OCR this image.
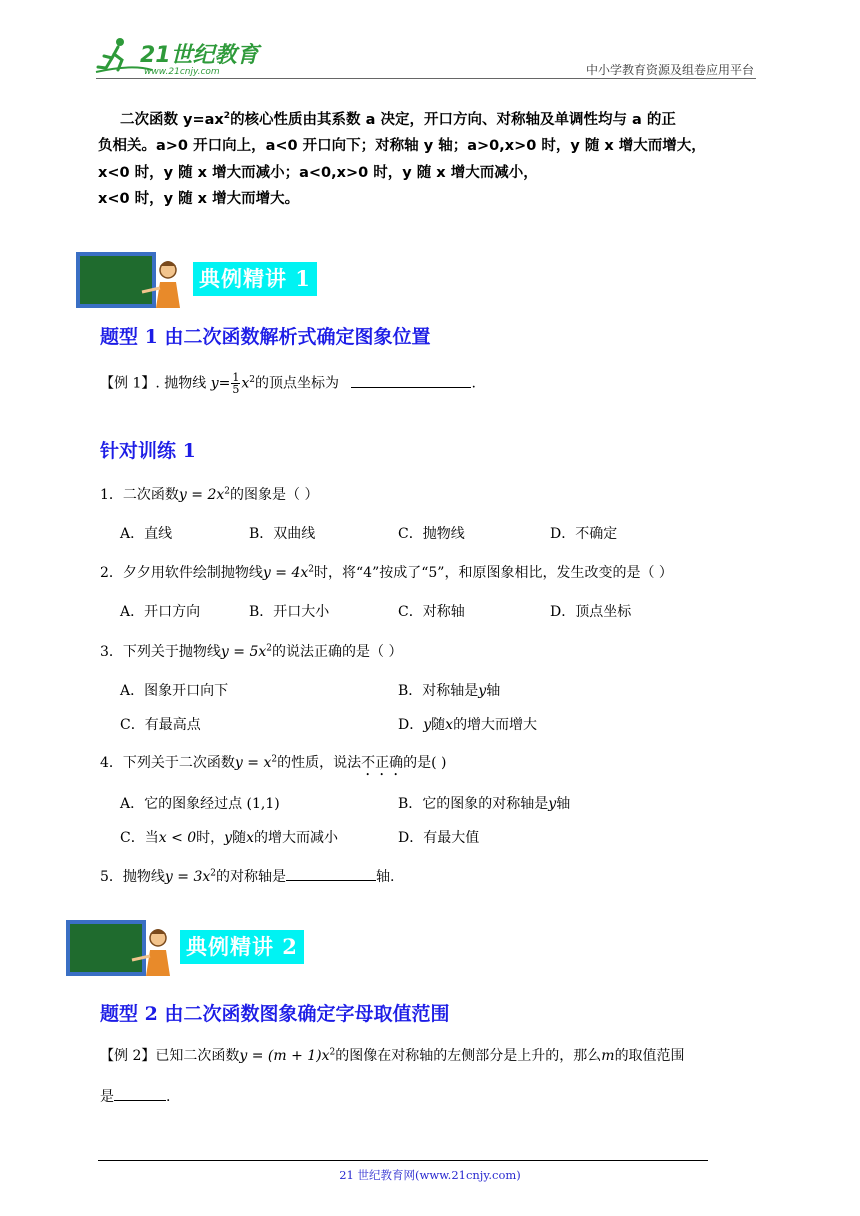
21世纪教育
www.21cnjy.com	中小学教育资源及组卷应用平台

二次函数 $y=ax^2$的核心性质由其系数 a 决定，开口方向、对称轴及单调性均与 a 的正

负相关。a>0 开口向上，a<0 开口向下；对称轴 y 轴；a>0,x>0 时，y 随 x 增大而增大，

x<0 时，y 随 x 增大而减小；a<0,x>0 时，y 随 x 增大而减小，

x<0 时，y 随 x 增大而增大。

典例精讲 1
题型 1 由二次函数解析式确定图象位置
【例 1】. 抛物线 $y= \frac{1}{5} x^2$的顶点坐标为	.
针对训练 1
1．二次函数$y = 2x^2$的图象是（ ）
A．直线	B．双曲线	C．抛物线	D．不确定
2．夕夕用软件绘制抛物线$y = 4x^2$时，将“4”按成了“5”，和原图象相比，发生改变的是（ ）
A．开口方向	B．开口大小	C．对称轴	D．顶点坐标
3．下列关于抛物线$y = 5x^2$的说法正确的是（ ）
A．图象开口向下	B．对称轴是y轴
C．有最高点	D．y随x的增大而增大
4．下列关于二次函数$y = x^2$的性质，说法不正确的是( )
A．它的图象经过点 (1,1)	B．它的图象的对称轴是y轴
C．当x < 0时，y随x的增大而减小	D．有最大值
5．抛物线$y = 3x^2$的对称轴是	轴.
典例精讲 2
题型 2 由二次函数图象确定字母取值范围
【例 2】已知二次函数$y = (m + 1)x^2$的图像在对称轴的左侧部分是上升的，那么m的取值范围
是	.
21 世纪教育网(www.21cnjy.com)
